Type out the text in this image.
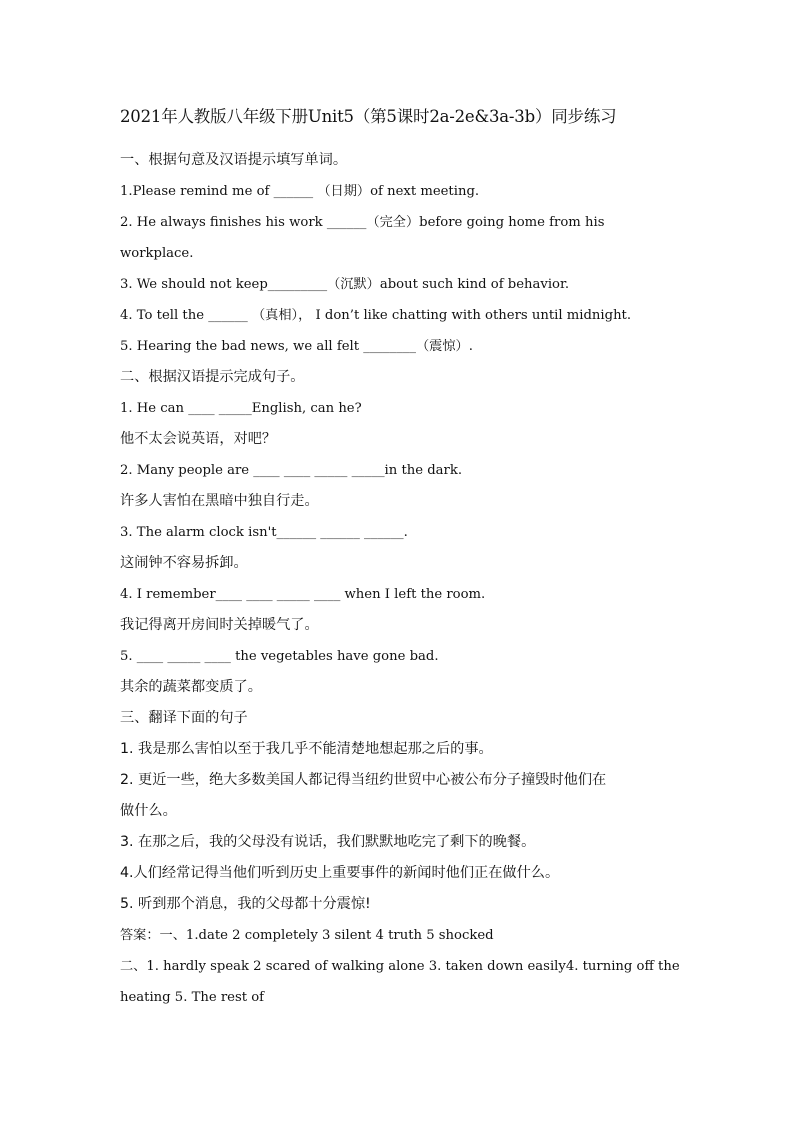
2021年人教版八年级下册Unit5（第5课时2a-2e&3a-3b）同步练习
一、根据句意及汉语提示填写单词。
1.Please remind me of ______ （日期）of next meeting.
2. He always finishes his work ______（完全）before going home from his
workplace.
3. We should not keep_________（沉默）about such kind of behavior.
4. To tell the ______ （真相）， I don’t like chatting with others until midnight.
5. Hearing the bad news, we all felt ________（震惊）.
二、根据汉语提示完成句子。
1. He can ____ _____English, can he?
他不太会说英语，对吧？
2. Many people are ____ ____ _____ _____in the dark.
许多人害怕在黑暗中独自行走。
3. The alarm clock isn't______ ______ ______.
这闹钟不容易拆卸。
4. I remember____ ____ _____ ____ when I left the room.
我记得离开房间时关掉暖气了。
5. ____ _____ ____ the vegetables have gone bad.
其余的蔬菜都变质了。
三、翻译下面的句子
1. 我是那么害怕以至于我几乎不能清楚地想起那之后的事。
2. 更近一些，绝大多数美国人都记得当纽约世贸中心被公布分子撞毁时他们在
做什么。
3. 在那之后，我的父母没有说话，我们默默地吃完了剩下的晚餐。
4.人们经常记得当他们听到历史上重要事件的新闻时他们正在做什么。
5. 听到那个消息，我的父母都十分震惊!
答案：一、1.date 2 completely 3 silent 4 truth 5 shocked
二、1. hardly speak 2 scared of walking alone 3. taken down easily4. turning off the
heating 5. The rest of
